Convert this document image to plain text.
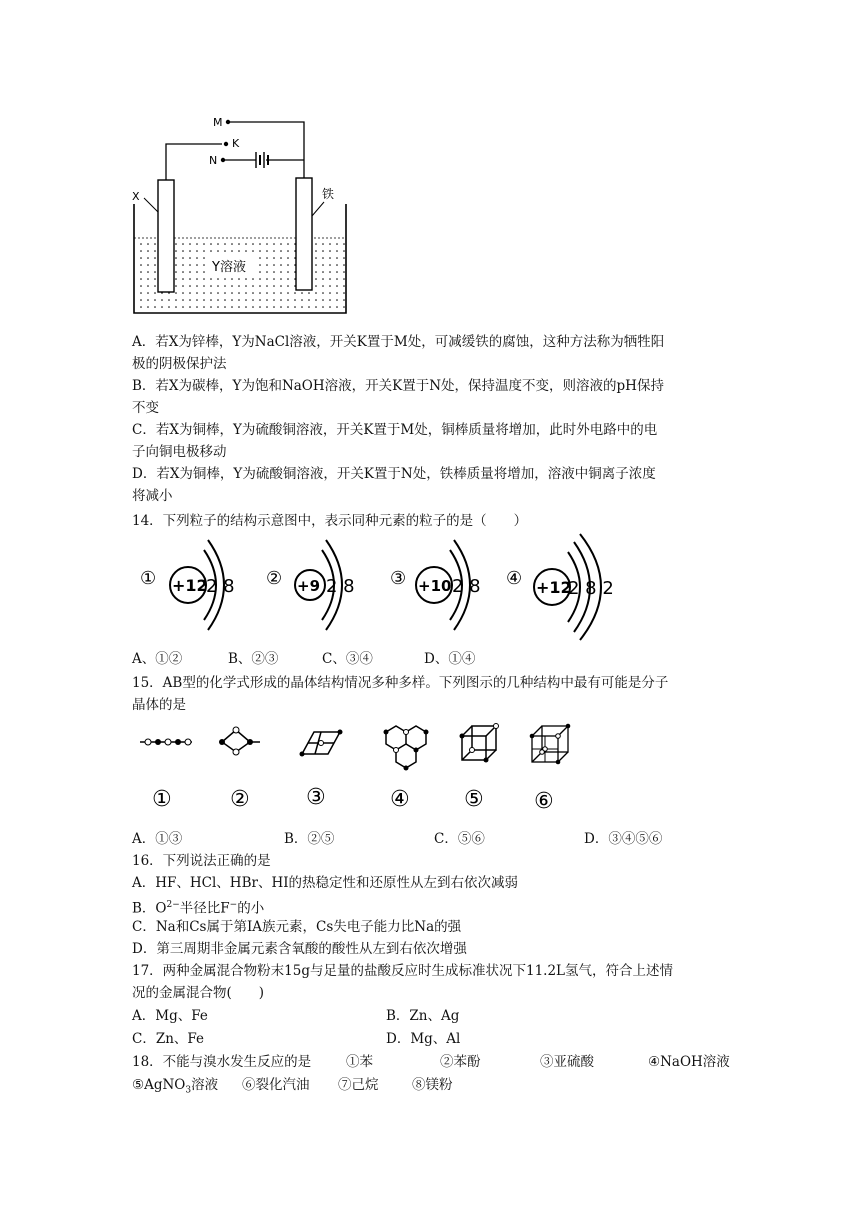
M
K
N
X	铁
Y溶液
A．若X为锌棒，Y为NaCl溶液，开关K置于M处，可减缓铁的腐蚀，这种方法称为牺牲阳
极的阴极保护法
B．若X为碳棒，Y为饱和NaOH溶液，开关K置于N处，保持温度不变，则溶液的pH保持
不变
C．若X为铜棒，Y为硫酸铜溶液，开关K置于M处，铜棒质量将增加，此时外电路中的电
子向铜电极移动
D．若X为铜棒，Y为硫酸铜溶液，开关K置于N处，铁棒质量将增加，溶液中铜离子浓度
将减小
14．下列粒子的结构示意图中，表示同种元素的粒子的是（　　）
① +12
2 8 ② +9 2 8 ③ +10 2 8 ④ +12
2 8 2
A、①②	B、②③	C、③④	D、①④
15．AB型的化学式形成的晶体结构情况多种多样。下列图示的几种结构中最有可能是分子
晶体的是
①	②	③	④ ⑤ ⑥
A．①③	B．②⑤	C．⑤⑥	D．③④⑤⑥
16．下列说法正确的是
A．HF、HCl、HBr、HI的热稳定性和还原性从左到右依次减弱
B．$O^{2-}$半径比F−的小
C．Na和Cs属于第ⅠA族元素，Cs失电子能力比Na的强
D．第三周期非金属元素含氧酸的酸性从左到右依次增强
17．两种金属混合物粉末15g与足量的盐酸反应时生成标准状况下11.2L氢气，符合上述情
况的金属混合物(　　)
A．Mg、Fe	B．Zn、Ag
C．Zn、Fe	D．Mg、Al
18．不能与溴水发生反应的是	①苯	②苯酚	③亚硫酸	④NaOH溶液
⑤AgNO$_3$溶液 ⑥裂化汽油 ⑦己烷 ⑧镁粉
